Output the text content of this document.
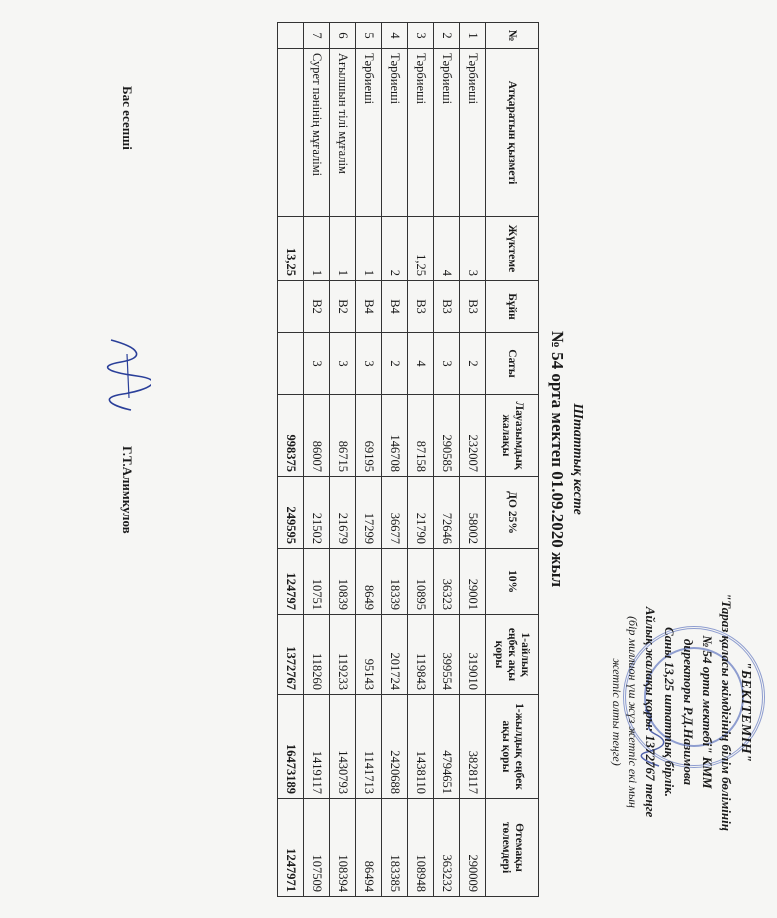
"БЕКІТЕМІН"
"Тараз қаласы әкімдігінің білім бөлімінің
№ 54 орта мектебі" КММ
директоры Р.Д.Назимова
Саны 13,25 штаттық бірлік.
Айлық жалақы қоры: 1372767 теңге
(бір миллион үш жүз жетпіс екі мың
жетпіс алты теңге)
Штаттық кесте
№ 54 орта мектеп 01.09.2020 жыл
№	Атқаратын қызметі	Жүктеме	Бұйн	Саты	Лауазымдық жалақы	ДО 25%	10%	1-айлық еңбек ақы қоры	1-жылдық еңбек ақы қоры	Өтемақы төлемдері
1	Тәрбиеші	3	В3	2	232007	58002	29001	319010	3828117	290009
2	Тәрбиеші	4	В3	3	290585	72646	36323	399554	4794651	363232
3	Тәрбиеші	1,25	В3	4	87158	21790	10895	119843	1438110	108948
4	Тәрбиеші	2	В4	2	146708	36677	18339	201724	2420688	183385
5	Тәрбиеші	1	В4	3	69195	17299	8649	95143	1141713	86494
6	Ағылшын тілі мұғалім	1	В2	3	86715	21679	10839	119233	1430793	108394
7	Сурет пәнінің мұғалімі	1	В2	3	86007	21502	10751	118260	1419117	107509
		13,25			998375	249595	124797	1372767	16473189	1247971
Бас есепші
Г.Т.Алимкулов
